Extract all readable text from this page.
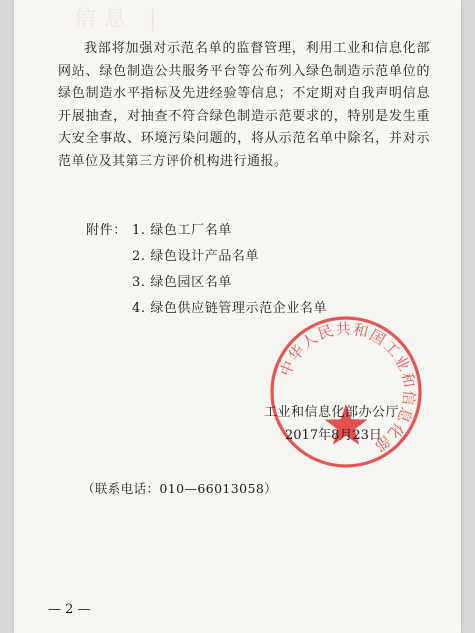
信息 |
我部将加强对示范名单的监督管理，利用工业和信息化部网站、绿色制造公共服务平台等公布列入绿色制造示范单位的绿色制造水平指标及先进经验等信息；不定期对自我声明信息开展抽查，对抽查不符合绿色制造示范要求的，特别是发生重大安全事故、环境污染问题的，将从示范名单中除名，并对示范单位及其第三方评价机构进行通报。
附件： 1. 绿色工厂名单
2. 绿色设计产品名单
3. 绿色园区名单
4. 绿色供应链管理示范企业名单
中华人民共和国工业和信息化部
工业和信息化部办公厅
2017年8月23日
（联系电话：010—66013058）
— 2 —
